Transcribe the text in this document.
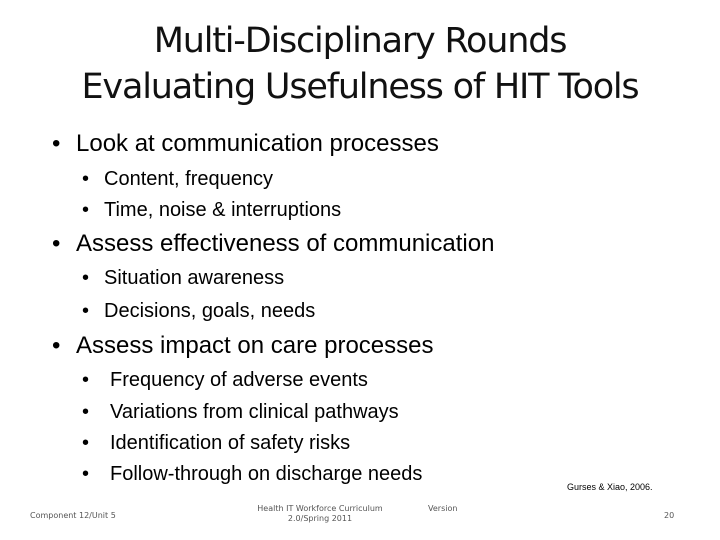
Multi-Disciplinary Rounds
Evaluating Usefulness of HIT Tools
• Look at communication processes
• Content, frequency
• Time, noise & interruptions
• Assess effectiveness of communication
• Situation awareness
• Decisions, goals, needs
• Assess impact on care processes
• Frequency of adverse events
• Variations from clinical pathways
• Identification of safety risks
• Follow-through on discharge needs
Gurses & Xiao, 2006.
Component 12/Unit 5
Health IT Workforce Curriculum 2.0/Spring 2011
Version
20
